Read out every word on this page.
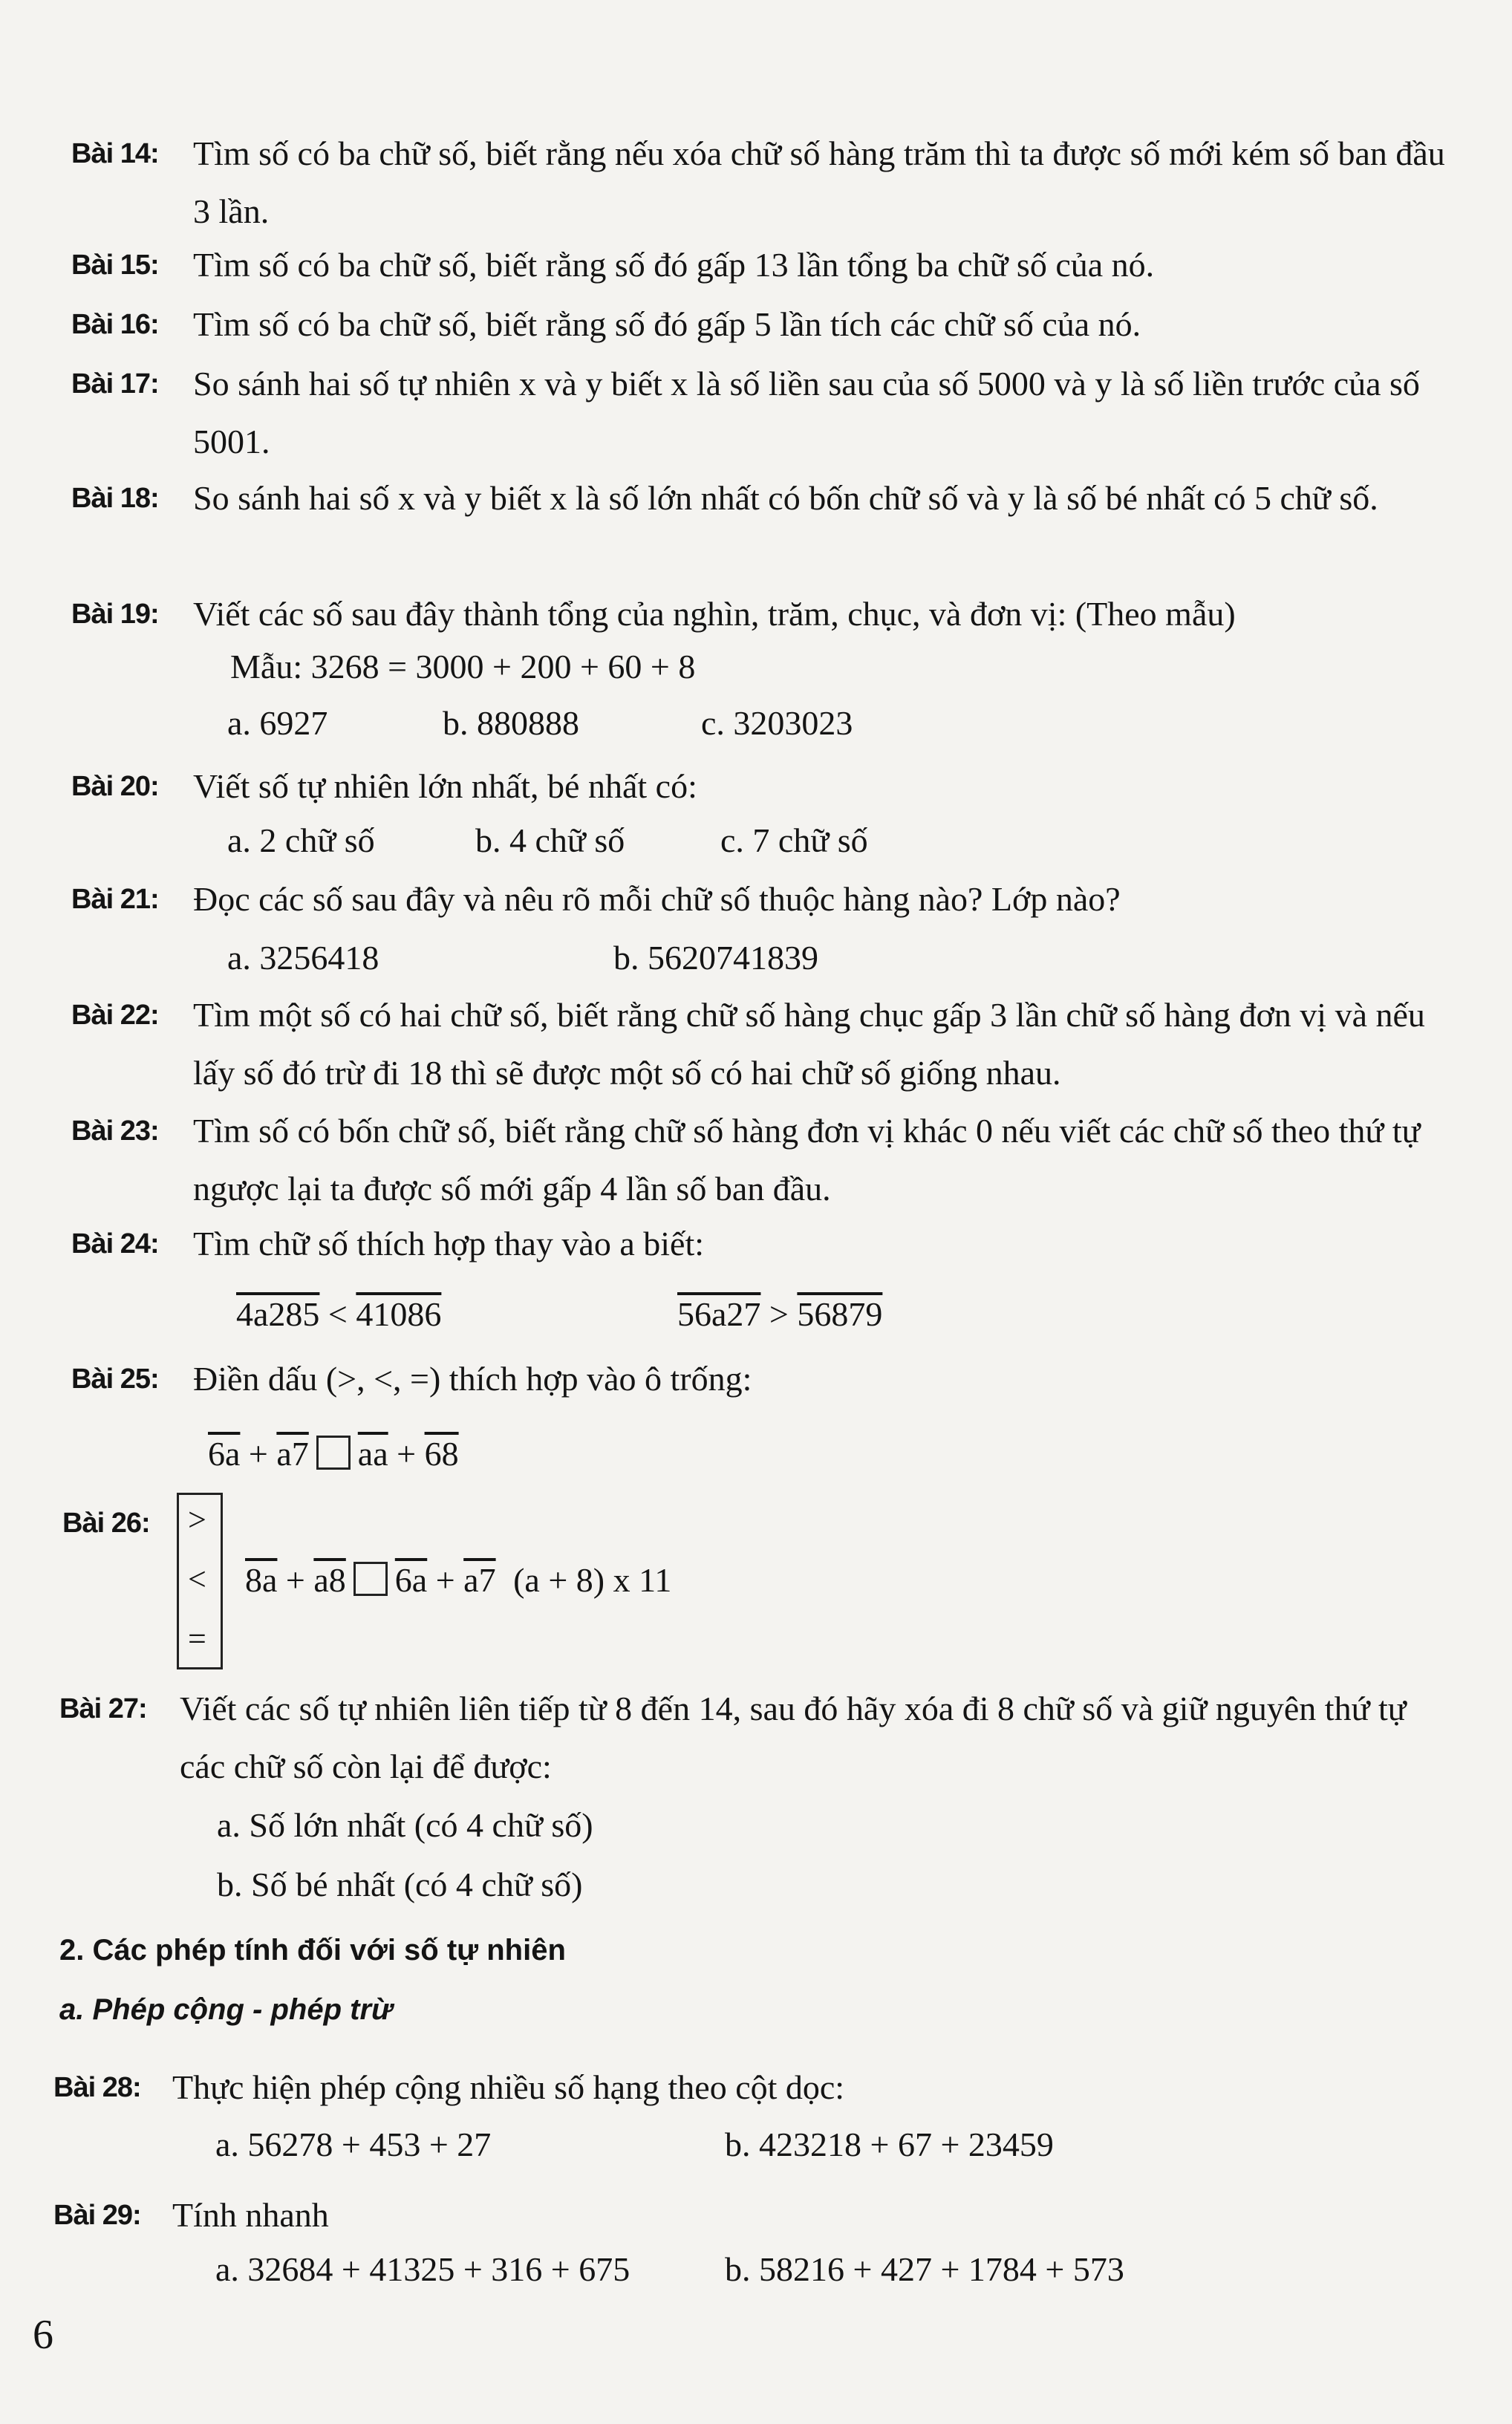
Bài 14: Tìm số có ba chữ số, biết rằng nếu xóa chữ số hàng trăm thì ta được số mới kém số ban đầu 3 lần.
Bài 15: Tìm số có ba chữ số, biết rằng số đó gấp 13 lần tổng ba chữ số của nó.
Bài 16: Tìm số có ba chữ số, biết rằng số đó gấp 5 lần tích các chữ số của nó.
Bài 17: So sánh hai số tự nhiên x và y biết x là số liền sau của số 5000 và y là số liền trước của số 5001.
Bài 18: So sánh hai số x và y biết x là số lớn nhất có bốn chữ số và y là số bé nhất có 5 chữ số.
Bài 19: Viết các số sau đây thành tổng của nghìn, trăm, chục, và đơn vị: (Theo mẫu)
Mẫu: 3268 = 3000 + 200 + 60 + 8
a. 6927	b. 880888	c. 3203023
Bài 20: Viết số tự nhiên lớn nhất, bé nhất có:
a. 2 chữ số	b. 4 chữ số	c. 7 chữ số
Bài 21: Đọc các số sau đây và nêu rõ mỗi chữ số thuộc hàng nào? Lớp nào?
a. 3256418	b. 5620741839
Bài 22: Tìm một số có hai chữ số, biết rằng chữ số hàng chục gấp 3 lần chữ số hàng đơn vị và nếu lấy số đó trừ đi 18 thì sẽ được một số có hai chữ số giống nhau.
Bài 23: Tìm số có bốn chữ số, biết rằng chữ số hàng đơn vị khác 0 nếu viết các chữ số theo thứ tự ngược lại ta được số mới gấp 4 lần số ban đầu.
Bài 24: Tìm chữ số thích hợp thay vào a biết:
4a285 < 41086	56a27 > 56879
Bài 25: Điền dấu (>, <, =) thích hợp vào ô trống:
6a + a7 $\overline{aa} + 68$
Bài 26: >
<
=
8a + a8 6a + a7 (a + 8) x 11
Bài 27: Viết các số tự nhiên liên tiếp từ 8 đến 14, sau đó hãy xóa đi 8 chữ số và giữ nguyên thứ tự các chữ số còn lại để được:
a. Số lớn nhất (có 4 chữ số)
b. Số bé nhất (có 4 chữ số)
2. Các phép tính đối với số tự nhiên
a. Phép cộng - phép trừ
Bài 28: Thực hiện phép cộng nhiều số hạng theo cột dọc:
a. 56278 + 453 + 27	b. 423218 + 67 + 23459
Bài 29: Tính nhanh
a. 32684 + 41325 + 316 + 675	b. 58216 + 427 + 1784 + 573
6
